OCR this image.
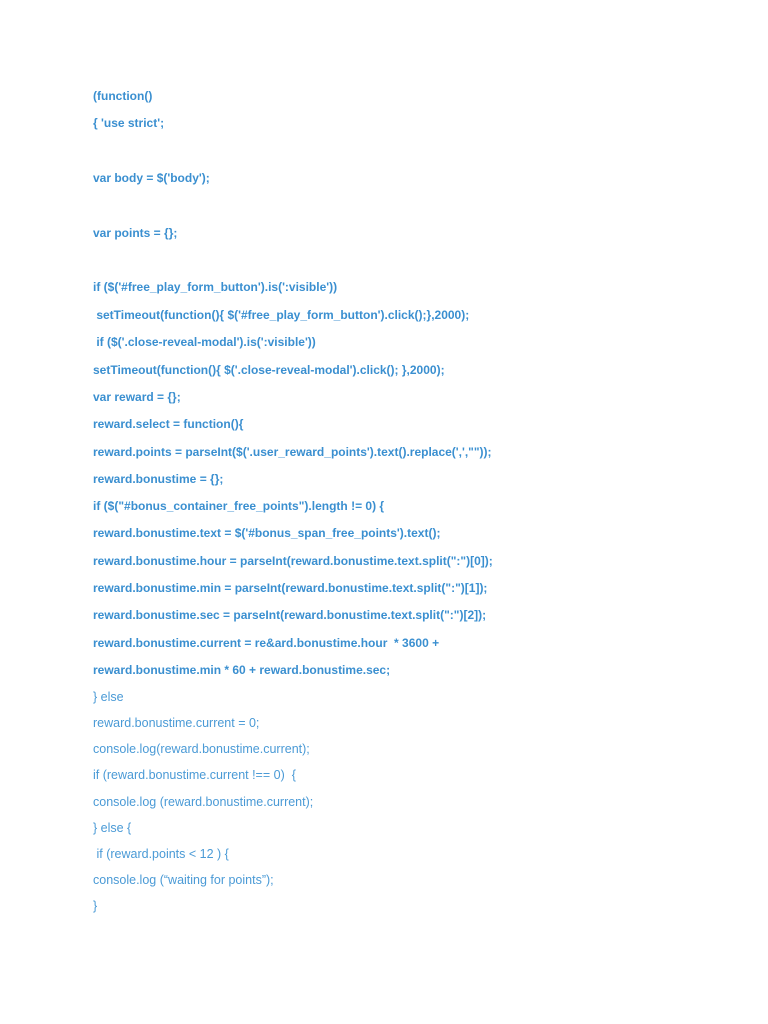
(function()
{ 'use strict';
var body = $('body');
var points = {};
if ($('#free_play_form_button').is(':visible'))
setTimeout(function(){ $('#free_play_form_button').click();},2000);
if ($('.close-reveal-modal').is(':visible'))
setTimeout(function(){ $('.close-reveal-modal').click(); },2000);
var reward = {};
reward.select = function(){
reward.points = parseInt($('.user_reward_points').text().replace(',',""));
reward.bonustime = {};
if ($("#bonus_container_free_points").length != 0) {
reward.bonustime.text = $('#bonus_span_free_points').text();
reward.bonustime.hour = parseInt(reward.bonustime.text.split(":")[0]);
reward.bonustime.min = parseInt(reward.bonustime.text.split(":")[1]);
reward.bonustime.sec = parseInt(reward.bonustime.text.split(":")[2]);
reward.bonustime.current = re&ard.bonustime.hour  * 3600 +
reward.bonustime.min * 60 + reward.bonustime.sec;
} else
reward.bonustime.current = 0;
console.log(reward.bonustime.current);
if (reward.bonustime.current !== 0)  {
console.log (reward.bonustime.current);
} else {
if (reward.points < 12 ) {
console.log (“waiting for points”);
}
